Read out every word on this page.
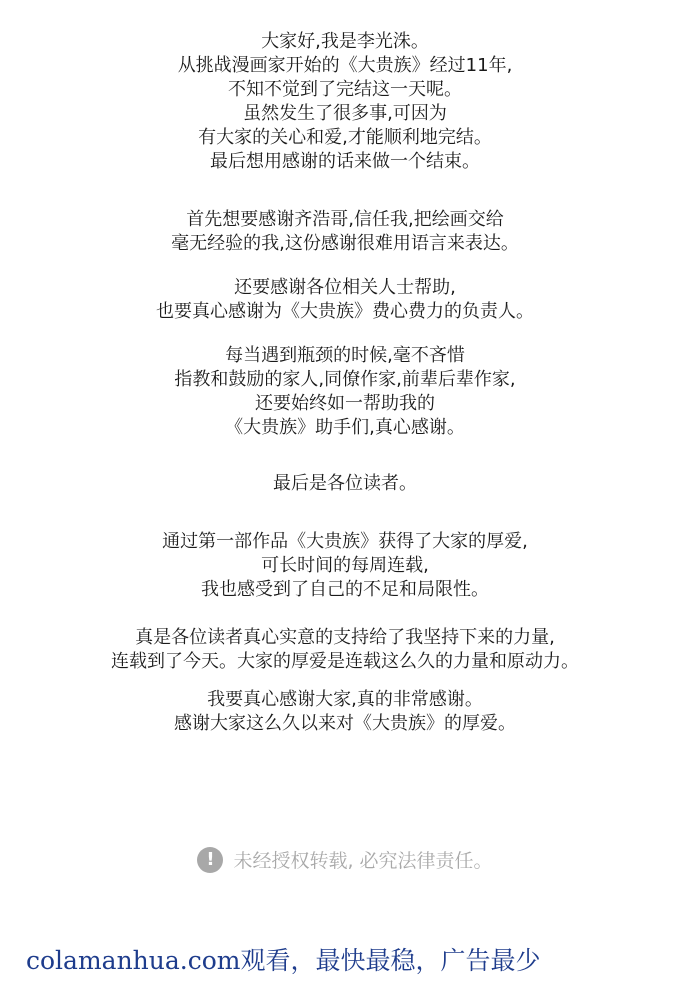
大家好,我是李光洙。
从挑战漫画家开始的《大贵族》经过11年,
不知不觉到了完结这一天呢。
虽然发生了很多事,可因为
有大家的关心和爱,才能顺利地完结。
最后想用感谢的话来做一个结束。
首先想要感谢齐浩哥,信任我,把绘画交给
毫无经验的我,这份感谢很难用语言来表达。
还要感谢各位相关人士帮助,
也要真心感谢为《大贵族》费心费力的负责人。
每当遇到瓶颈的时候,毫不吝惜
指教和鼓励的家人,同僚作家,前辈后辈作家,
还要始终如一帮助我的
《大贵族》助手们,真心感谢。
最后是各位读者。
通过第一部作品《大贵族》获得了大家的厚爱,
可长时间的每周连载,
我也感受到了自己的不足和局限性。
真是各位读者真心实意的支持给了我坚持下来的力量,
连载到了今天。大家的厚爱是连载这么久的力量和原动力。
我要真心感谢大家,真的非常感谢。
感谢大家这么久以来对《大贵族》的厚爱。
! 未经授权转载, 必究法律责任。
colamanhua.com观看，最快最稳，广告最少
